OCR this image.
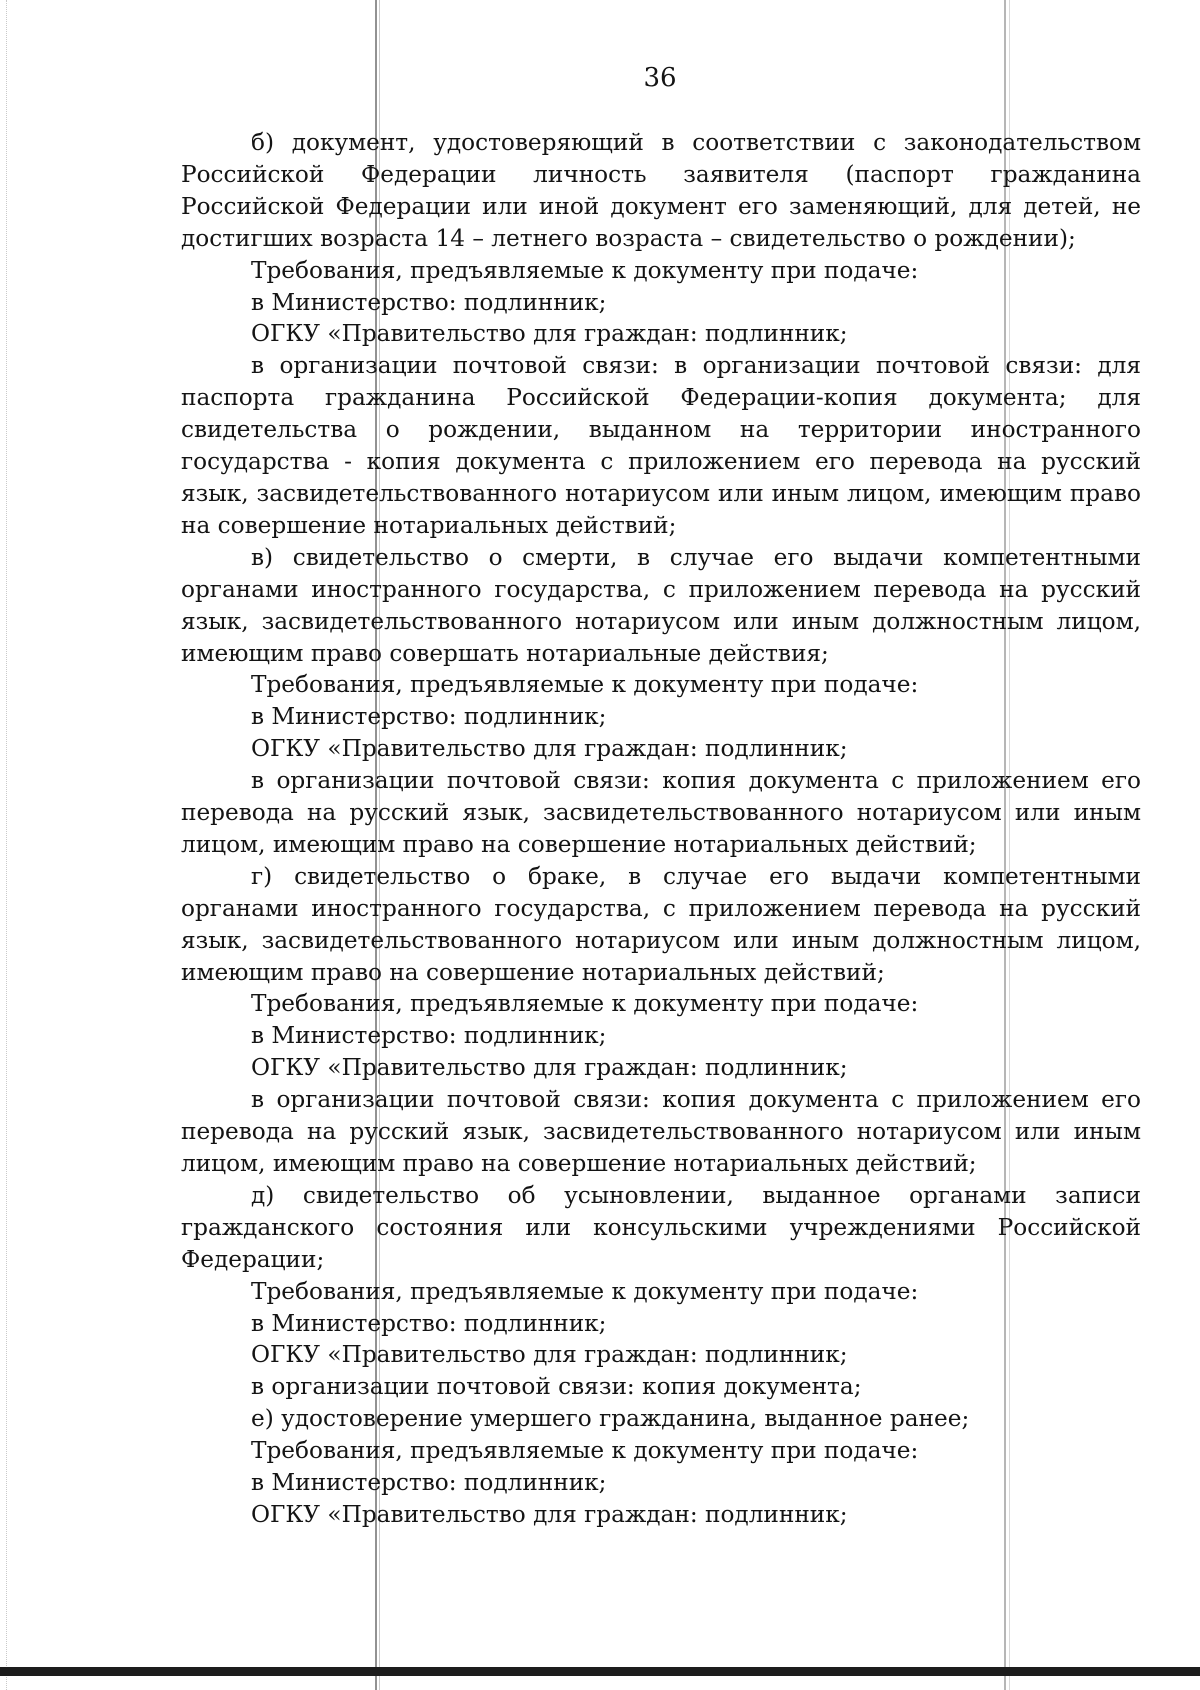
36

б) документ, удостоверяющий в соответствии с законодательством Российской Федерации личность заявителя (паспорт гражданина Российской Федерации или иной документ его заменяющий, для детей, не достигших возраста 14 – летнего возраста – свидетельство о рождении);

Требования, предъявляемые к документу при подаче:

в Министерство: подлинник;

ОГКУ «Правительство для граждан: подлинник;

в организации почтовой связи: в организации почтовой связи: для паспорта гражданина Российской Федерации-копия документа; для свидетельства о рождении, выданном на территории иностранного государства - копия документа с приложением его перевода на русский язык, засвидетельствованного нотариусом или иным лицом, имеющим право на совершение нотариальных действий;

в) свидетельство о смерти, в случае его выдачи компетентными органами иностранного государства, с приложением перевода на русский язык, засвидетельствованного нотариусом или иным должностным лицом, имеющим право совершать нотариальные действия;

Требования, предъявляемые к документу при подаче:

в Министерство: подлинник;

ОГКУ «Правительство для граждан: подлинник;

в организации почтовой связи: копия документа с приложением его перевода на русский язык, засвидетельствованного нотариусом или иным лицом, имеющим право на совершение нотариальных действий;

г) свидетельство о браке, в случае его выдачи компетентными органами иностранного государства, с приложением перевода на русский язык, засвидетельствованного нотариусом или иным должностным лицом, имеющим право на совершение нотариальных действий;

Требования, предъявляемые к документу при подаче:

в Министерство: подлинник;

ОГКУ «Правительство для граждан: подлинник;

в организации почтовой связи: копия документа с приложением его перевода на русский язык, засвидетельствованного нотариусом или иным лицом, имеющим право на совершение нотариальных действий;

д) свидетельство об усыновлении, выданное органами записи гражданского состояния или консульскими учреждениями Российской Федерации;

Требования, предъявляемые к документу при подаче:

в Министерство: подлинник;

ОГКУ «Правительство для граждан: подлинник;

в организации почтовой связи: копия документа;

е) удостоверение умершего гражданина, выданное ранее;

Требования, предъявляемые к документу при подаче:

в Министерство: подлинник;

ОГКУ «Правительство для граждан: подлинник;
